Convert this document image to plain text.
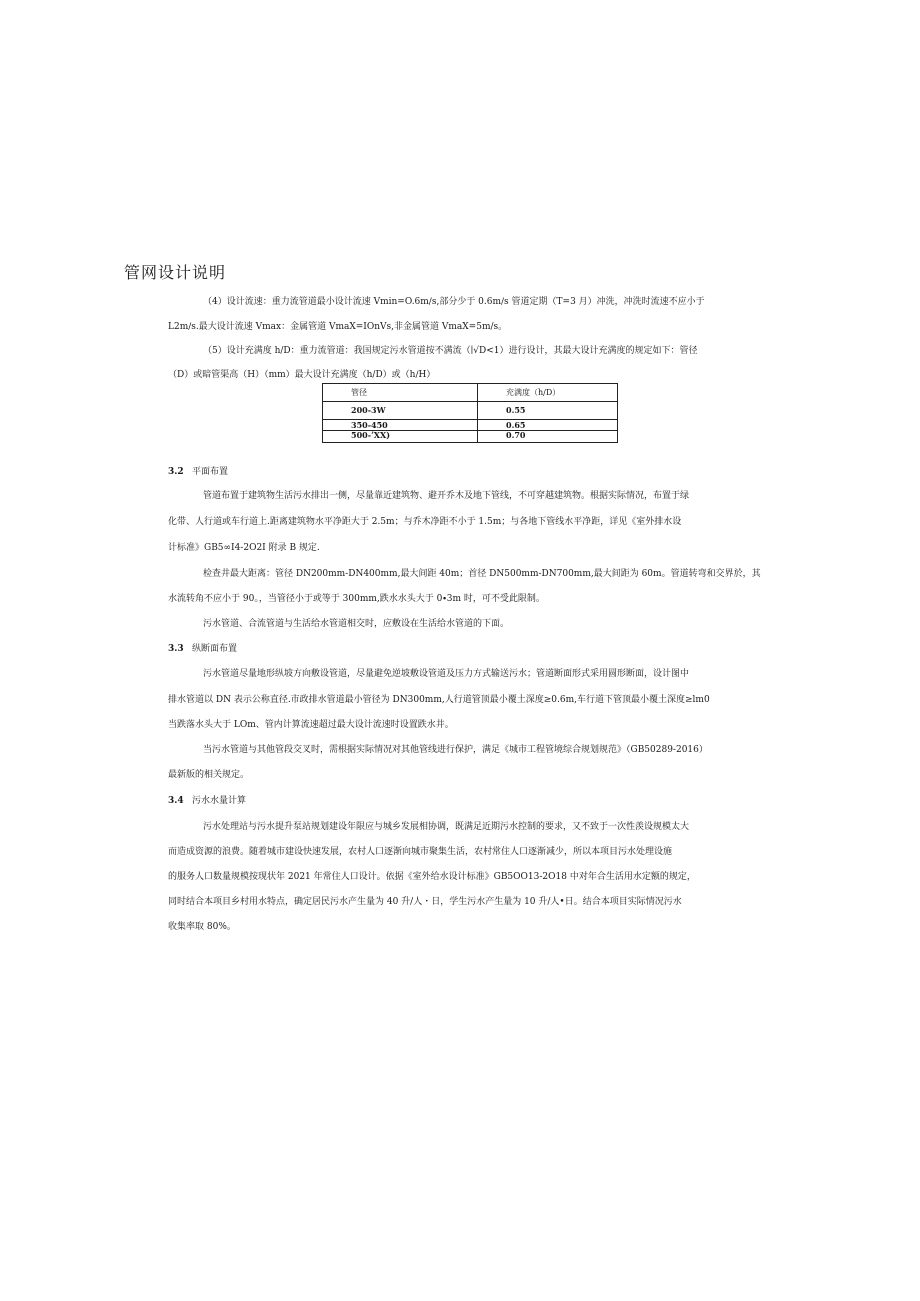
管网设计说明
（4）设计流速：重力流管道最小设计流速 Vmin=O.6m∕s,部分少于 0.6m∕s 管道定期（T=3 月）冲洗，冲洗时流速不应小于
L2m∕s.最大设计流速 Vmax：金属管道 VmaX=IOnVs,非金属管道 VmaX=5m/s。
（5）设计充满度 h/D：重力流管道：我国规定污水管道按不满流（∣√D<1）进行设计，其最大设计充满度的规定如下：管径
（D）或暗管渠高（H）（mm）最大设计充满度（h/D）或（h∕H）
管径	充满度（h/D）
200-3W	0.55
350-450	0.65
500-ʼXX)	0.70
3.2 平面布置
管道布置于建筑物生活污水排出一侧，尽量靠近建筑物、避开乔木及地下管线，不可穿越建筑物。根据实际情况，布置于绿
化带、人行道或车行道上.距离建筑物水平净距大于 2.5m；与乔木净距不小于 1.5m；与各地下管线水平净距，详见《室外排水设
计标准》GB5∞I4-2O2I 附录 B 规定.
检查井最大距离：管径 DN200mm-DN400mm,最大间距 40m；首径 DN500mm-DN700mm,最大间距为 60m。管道转弯和交界於，其
水流转角不应小于 90。，当管径小于或等于 300mm,跌水水头大于 0∙3m 时，可不受此限制。
污水管道、合流管道与生活给水管道相交时，应敷设在生活给水管道的下面。
3.3 纵断面布置
污水管道尽量地形纵坡方向敷设管道，尽量避免逆坡敷设管道及压力方式输送污水；管道断面形式采用圆形断面，设计图中
排水管道以 DN 表示公称直径.市政排水管道最小管径为 DN300mm,人行道管顶最小覆土深度≥0.6m,车行道下管顶最小覆土深度≥lm0
当跌落水头大于 LOm、管内计算流速超过最大设计流速时设置跌水井。
当污水管道与其他管段交叉时，需根据实际情况对其他管线进行保护，满足《城市工程管境综合规划规范》（GB50289-2016）
最新版的相关规定。
3.4 污水水量计算
污水处理站与污水提升泵站规划建设年限应与城乡发展相协调，既满足近期污水控制的要求，又不致于一次性羡设规模太大
而造成资源的浪费。随着城市建设快速发展，农村人口逐渐向城市聚集生活，农村常住人口逐渐减少，所以本项目污水处理设施
的服务人口数量规模按现状年 2021 年常住人口设计。依据《室外给水设计标准》GB5OO13-2O18 中对年合生活用水定额的规定，
同时结合本项目乡村用水特点，确定居民污水产生量为 40 升/人・日，学生污水产生量为 10 升/人•日。结合本项目实际情况污水
收集率取 80%。
